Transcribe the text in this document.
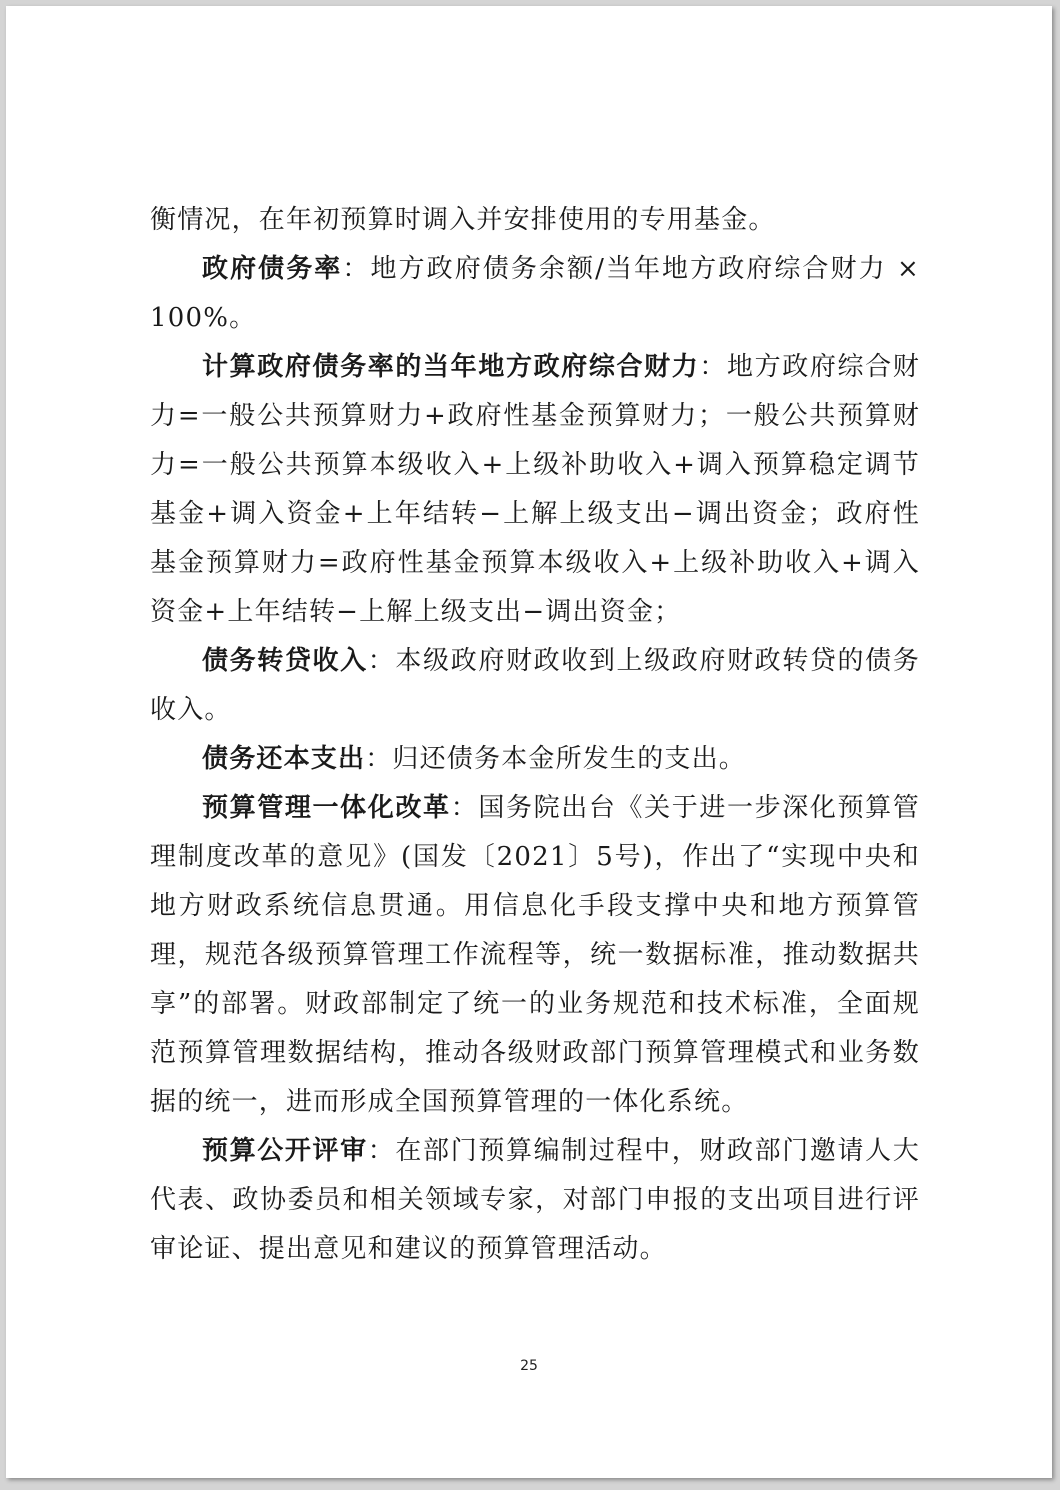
衡情况，在年初预算时调入并安排使用的专用基金。

政府债务率：地方政府债务余额/当年地方政府综合财力 × 100%。

计算政府债务率的当年地方政府综合财力：地方政府综合财力=一般公共预算财力+政府性基金预算财力；一般公共预算财力=一般公共预算本级收入+上级补助收入+调入预算稳定调节基金+调入资金+上年结转−上解上级支出−调出资金；政府性基金预算财力=政府性基金预算本级收入+上级补助收入+调入资金+上年结转−上解上级支出−调出资金；

债务转贷收入：本级政府财政收到上级政府财政转贷的债务收入。

债务还本支出：归还债务本金所发生的支出。

预算管理一体化改革：国务院出台《关于进一步深化预算管理制度改革的意见》(国发〔2021〕5号)，作出了“实现中央和地方财政系统信息贯通。用信息化手段支撑中央和地方预算管理，规范各级预算管理工作流程等，统一数据标准，推动数据共享”的部署。财政部制定了统一的业务规范和技术标准，全面规范预算管理数据结构，推动各级财政部门预算管理模式和业务数据的统一，进而形成全国预算管理的一体化系统。

预算公开评审：在部门预算编制过程中，财政部门邀请人大代表、政协委员和相关领域专家，对部门申报的支出项目进行评审论证、提出意见和建议的预算管理活动。

25
